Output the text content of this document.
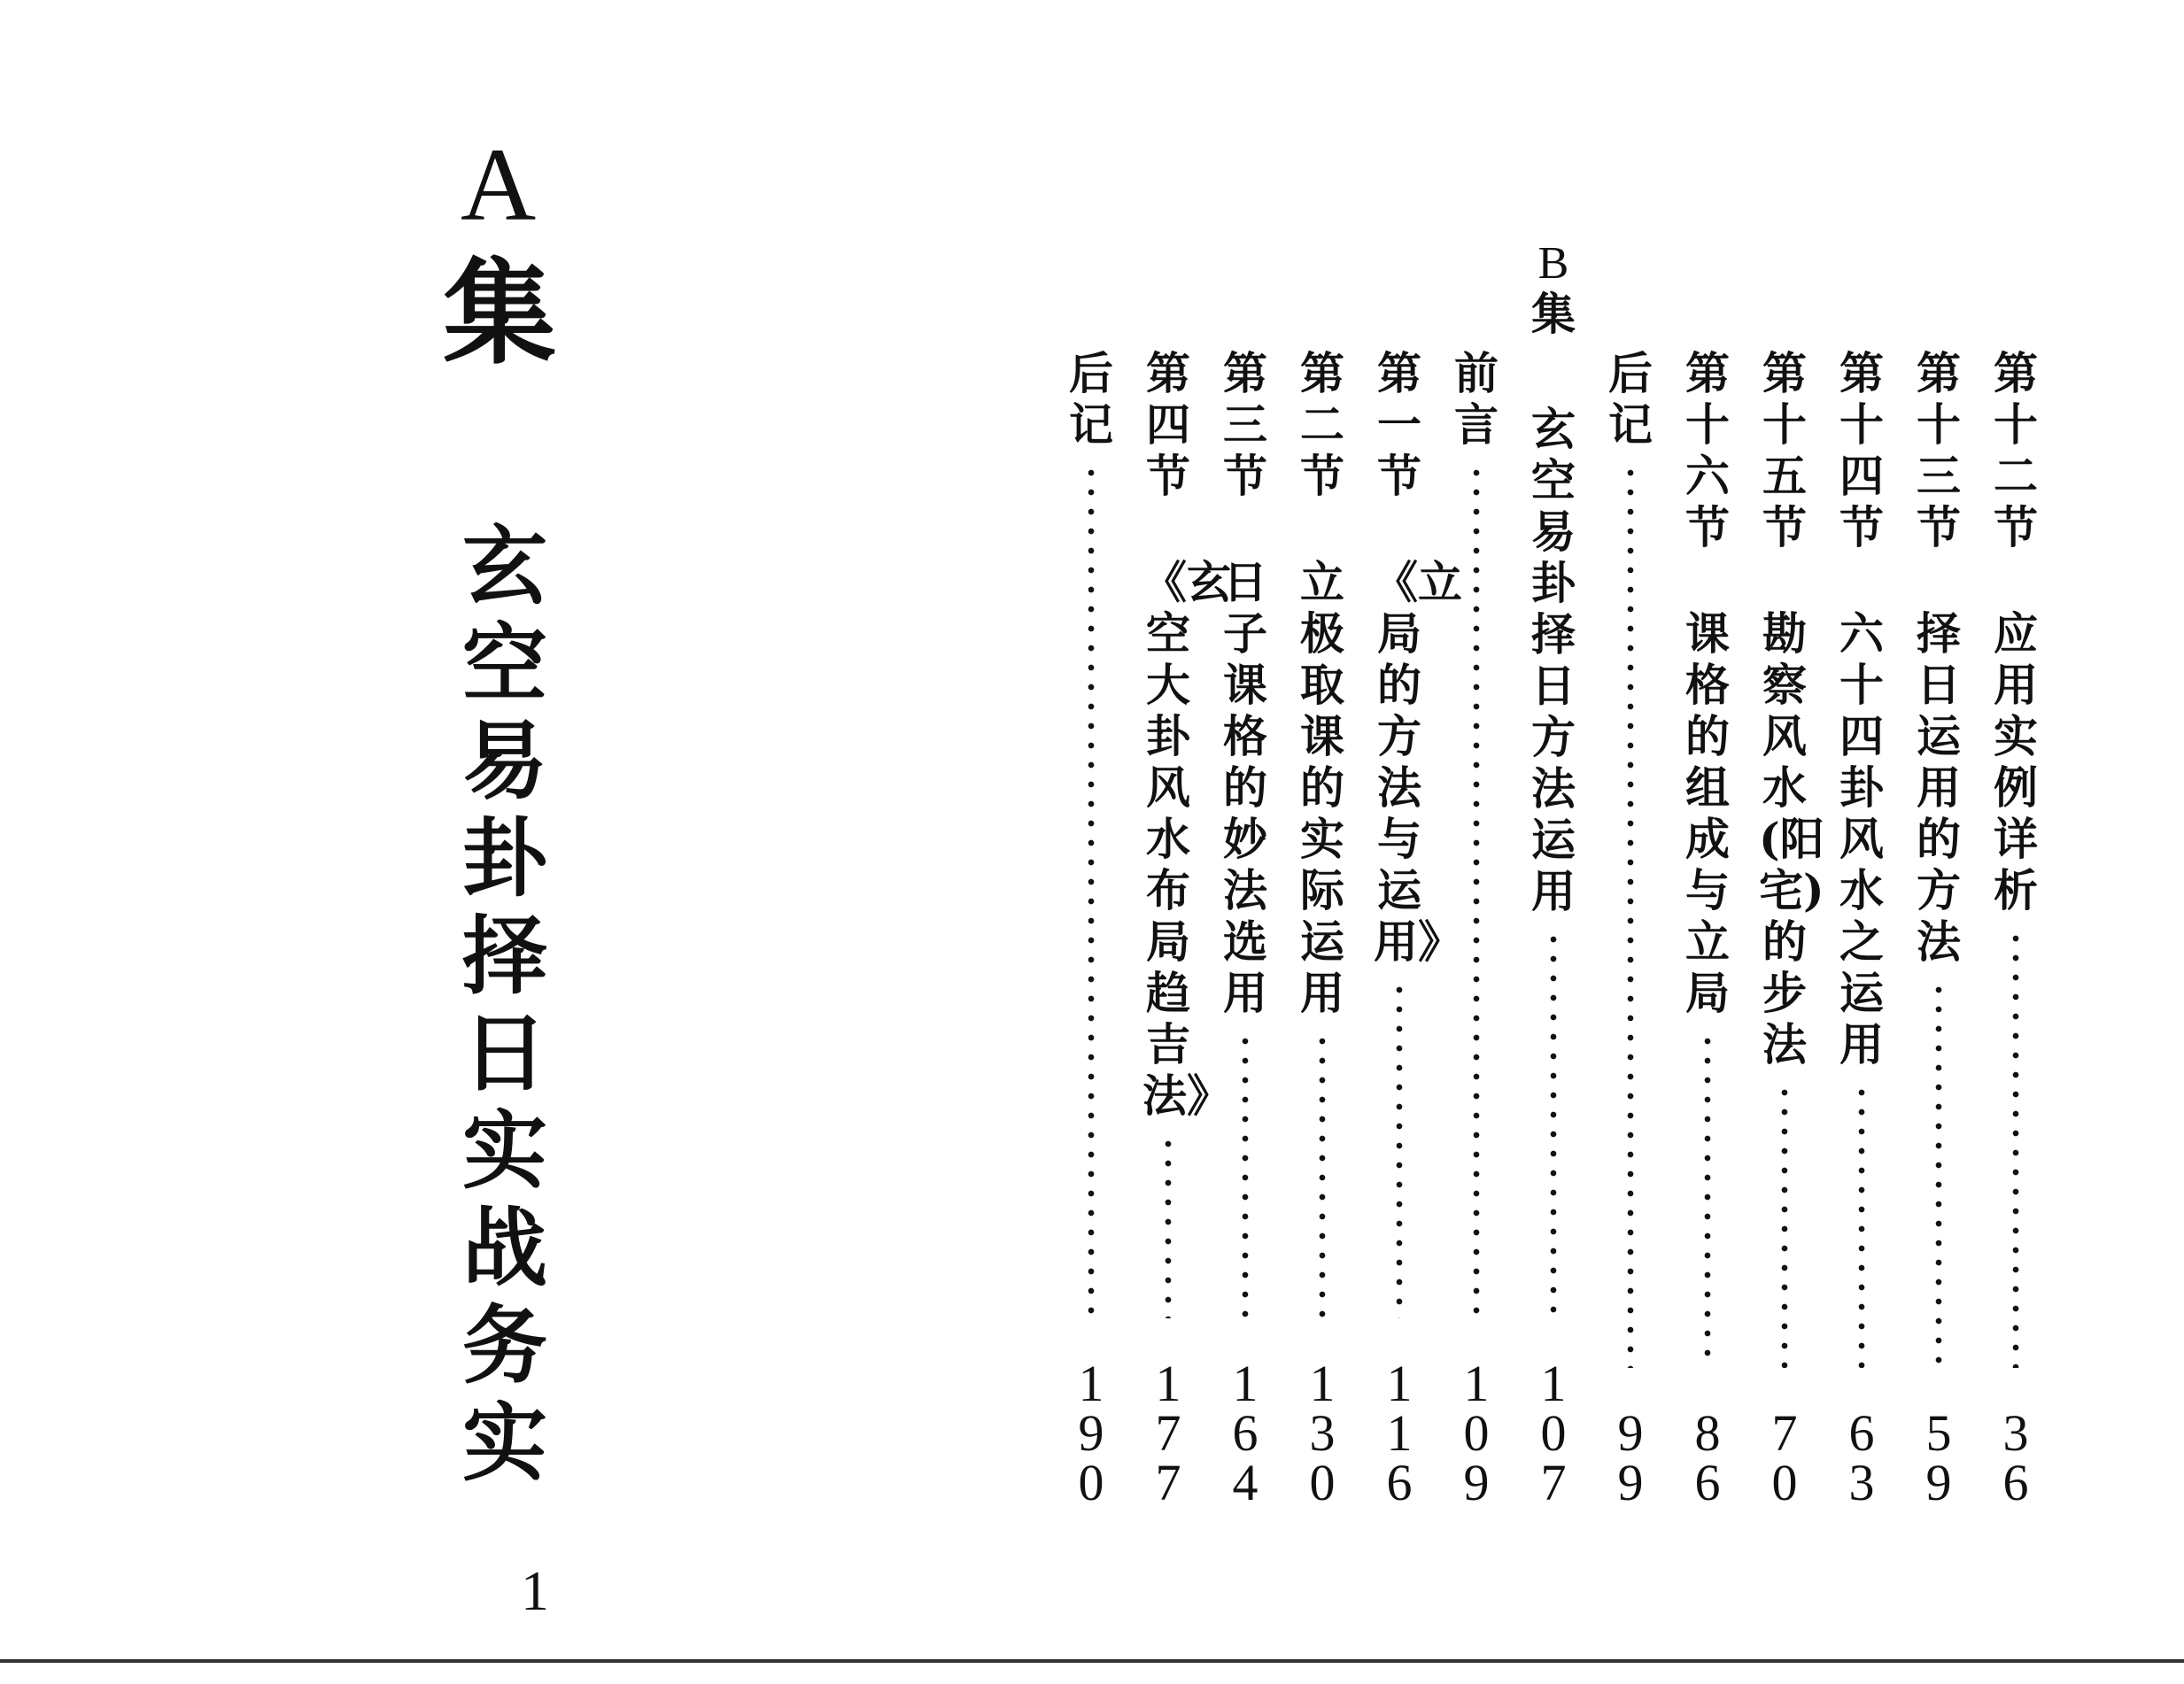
A
集
玄空易卦择日实战务实
1
B
集
第十二节
应用实例详析
36
第十三节
择日运用的方法
59
第十四节
六十四卦风水之运用
63
第十五节
勘察风水(阳宅)的步法
70
第十六节
课格的组成与立局
86
后记
99
玄空易卦择日方法运用
107
前言
109
第一节
《立局的方法与运用》
116
第二节
立极取课的实际运用
130
第三节
日子课格的妙法选用
164
第四节
《玄空大卦风水布局趋吉法》
177
后记
190
